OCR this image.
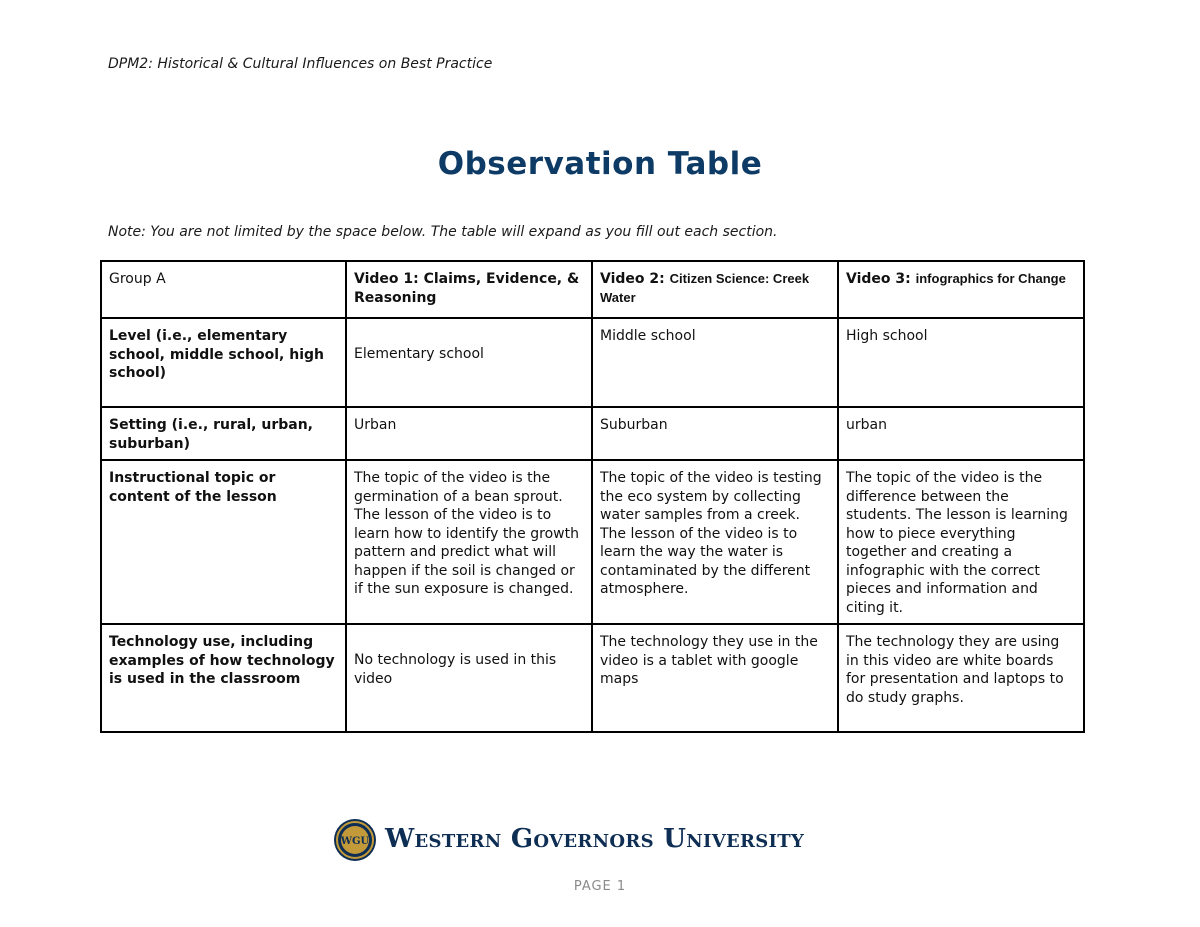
DPM2: Historical & Cultural Influences on Best Practice
Observation Table
Note: You are not limited by the space below. The table will expand as you fill out each section.
Group A	Video 1: Claims, Evidence, & Reasoning	Video 2: Citizen Science: Creek Water	Video 3: infographics for Change
Level (i.e., elementary school, middle school, high school)	Elementary school	Middle school	High school
Setting (i.e., rural, urban, suburban)	Urban	Suburban	urban
Instructional topic or content of the lesson	The topic of the video is the germination of a bean sprout. The lesson of the video is to learn how to identify the growth pattern and predict what will happen if the soil is changed or if the sun exposure is changed.	The topic of the video is testing the eco system by collecting water samples from a creek. The lesson of the video is to learn the way the water is contaminated by the different atmosphere.	The topic of the video is the difference between the students. The lesson is learning how to piece everything together and creating a infographic with the correct pieces and information and citing it.
Technology use, including examples of how technology is used in the classroom	No technology is used in this video	The technology they use in the video is a tablet with google maps	The technology they are using in this video are white boards for presentation and laptops to do study graphs.
WGU Western Governors University
PAGE 1
